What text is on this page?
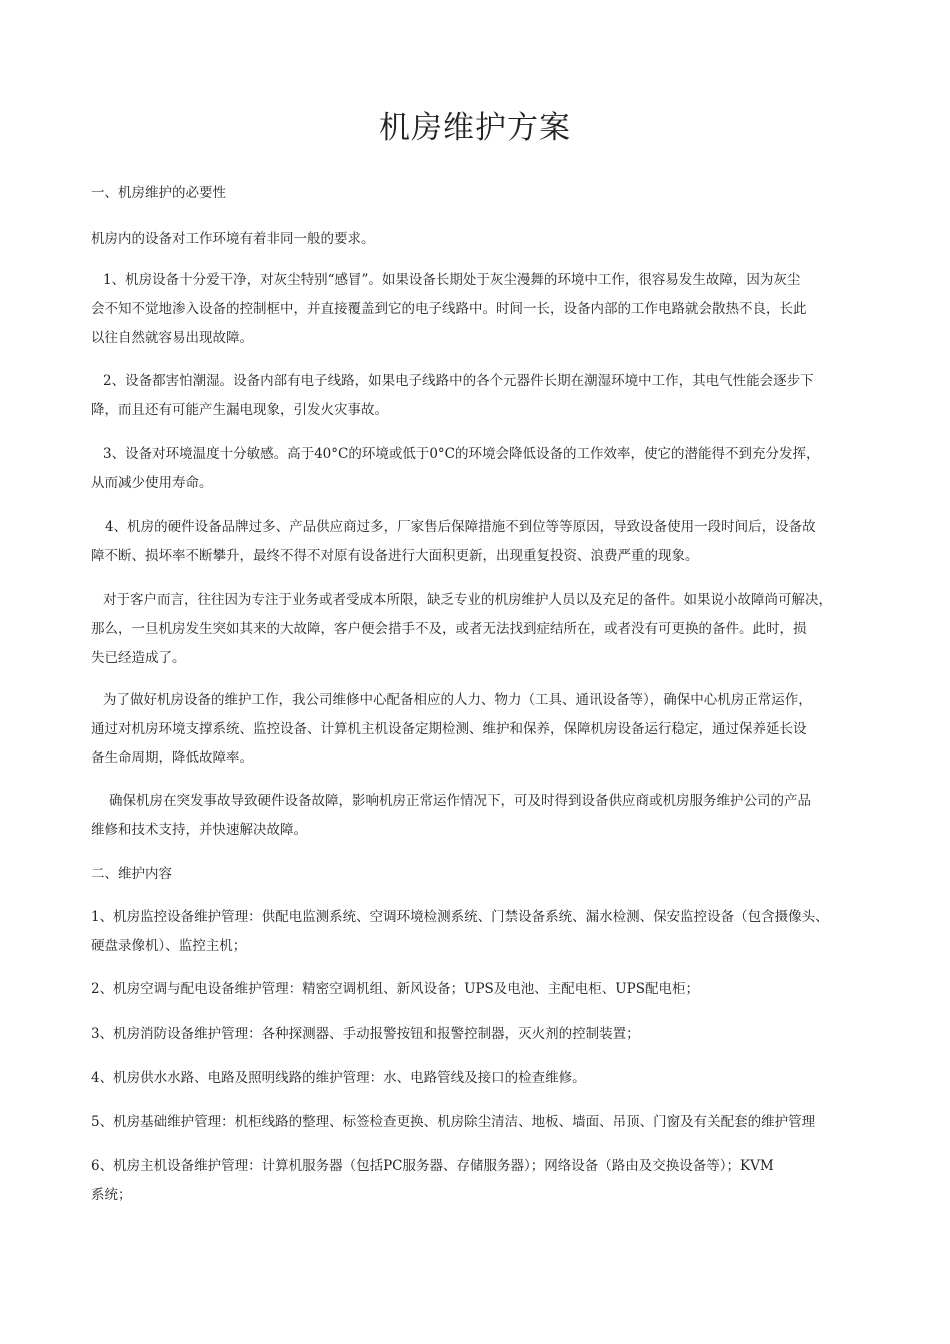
机房维护方案

一、机房维护的必要性

机房内的设备对工作环境有着非同一般的要求。

1、机房设备十分爱干净，对灰尘特别“感冒”。如果设备长期处于灰尘漫舞的环境中工作，很容易发生故障，因为灰尘
会不知不觉地渗入设备的控制框中，并直接覆盖到它的电子线路中。时间一长，设备内部的工作电路就会散热不良，长此
以往自然就容易出现故障。

2、设备都害怕潮湿。设备内部有电子线路，如果电子线路中的各个元器件长期在潮湿环境中工作，其电气性能会逐步下
降，而且还有可能产生漏电现象，引发火灾事故。

3、设备对环境温度十分敏感。高于40°C的环境或低于0°C的环境会降低设备的工作效率，使它的潜能得不到充分发挥，
从而减少使用寿命。

4、机房的硬件设备品牌过多、产品供应商过多，厂家售后保障措施不到位等等原因，导致设备使用一段时间后，设备故
障不断、损坏率不断攀升，最终不得不对原有设备进行大面积更新，出现重复投资、浪费严重的现象。

对于客户而言，往往因为专注于业务或者受成本所限，缺乏专业的机房维护人员以及充足的备件。如果说小故障尚可解决，
那么，一旦机房发生突如其来的大故障，客户便会措手不及，或者无法找到症结所在，或者没有可更换的备件。此时，损
失已经造成了。

为了做好机房设备的维护工作，我公司维修中心配备相应的人力、物力（工具、通讯设备等），确保中心机房正常运作，
通过对机房环境支撑系统、监控设备、计算机主机设备定期检测、维护和保养，保障机房设备运行稳定，通过保养延长设
备生命周期，降低故障率。

确保机房在突发事故导致硬件设备故障，影响机房正常运作情况下，可及时得到设备供应商或机房服务维护公司的产品
维修和技术支持，并快速解决故障。

二、维护内容

1、机房监控设备维护管理：供配电监测系统、空调环境检测系统、门禁设备系统、漏水检测、保安监控设备（包含摄像头、
硬盘录像机）、监控主机；

2、机房空调与配电设备维护管理：精密空调机组、新风设备；UPS及电池、主配电柜、UPS配电柜；

3、机房消防设备维护管理：各种探测器、手动报警按钮和报警控制器，灭火剂的控制装置；

4、机房供水水路、电路及照明线路的维护管理：水、电路管线及接口的检查维修。

5、机房基础维护管理：机柜线路的整理、标签检查更换、机房除尘清洁、地板、墙面、吊顶、门窗及有关配套的维护管理

6、机房主机设备维护管理：计算机服务器（包括PC服务器、存储服务器）；网络设备（路由及交换设备等）；KVM
系统；
